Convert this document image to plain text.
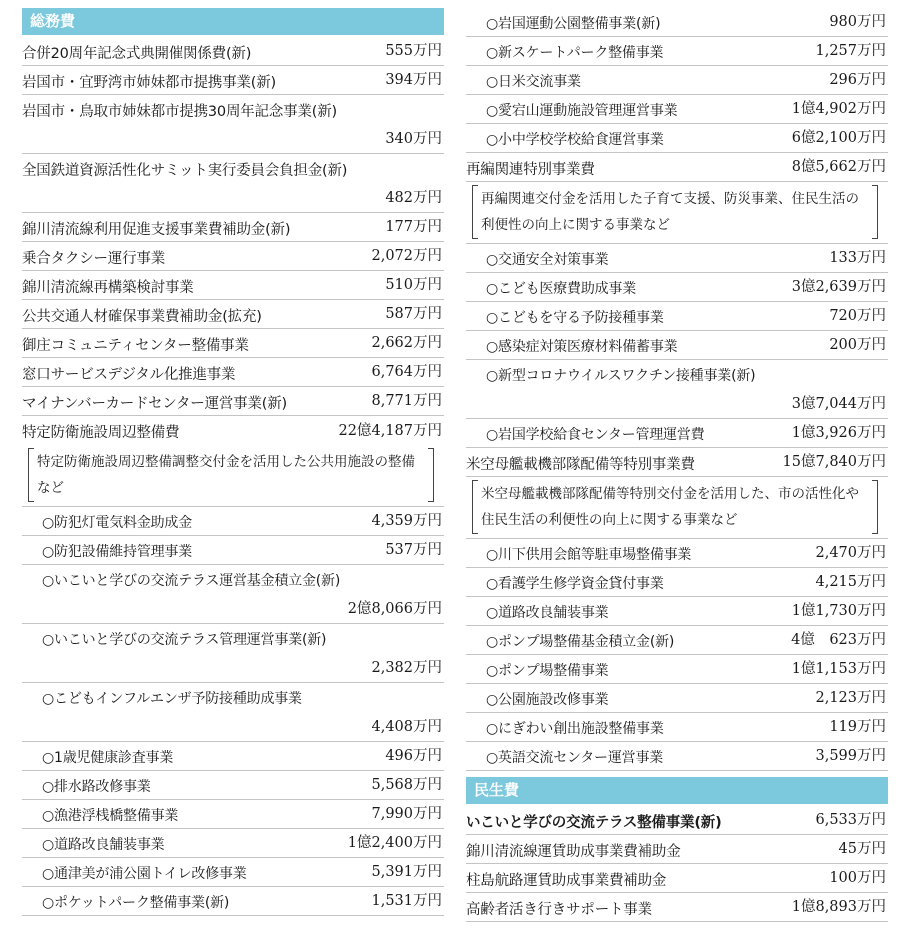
総務費
合併20周年記念式典開催関係費(新)	555万円
岩国市・宜野湾市姉妹都市提携事業(新)	394万円
岩国市・鳥取市姉妹都市提携30周年記念事業(新)
340万円
全国鉄道資源活性化サミット実行委員会負担金(新)
482万円
錦川清流線利用促進支援事業費補助金(新)	177万円
乗合タクシー運行事業	2,072万円
錦川清流線再構築検討事業	510万円
公共交通人材確保事業費補助金(拡充)	587万円
御庄コミュニティセンター整備事業	2,662万円
窓口サービスデジタル化推進事業	6,764万円
マイナンバーカードセンター運営事業(新)	8,771万円
特定防衛施設周辺整備費	22億4,187万円
特定防衛施設周辺整備調整交付金を活用した公共用施設の整備など
○防犯灯電気料金助成金	4,359万円
○防犯設備維持管理事業	537万円
○いこいと学びの交流テラス運営基金積立金(新)
2億8,066万円
○いこいと学びの交流テラス管理運営事業(新)
2,382万円
○こどもインフルエンザ予防接種助成事業
4,408万円
○1歳児健康診査事業	496万円
○排水路改修事業	5,568万円
○漁港浮桟橋整備事業	7,990万円
○道路改良舗装事業	1億2,400万円
○通津美が浦公園トイレ改修事業	5,391万円
○ポケットパーク整備事業(新)	1,531万円
○岩国運動公園整備事業(新)	980万円
○新スケートパーク整備事業	1,257万円
○日米交流事業	296万円
○愛宕山運動施設管理運営事業	1億4,902万円
○小中学校学校給食運営事業	6億2,100万円
再編関連特別事業費	8億5,662万円
再編関連交付金を活用した子育て支援、防災事業、住民生活の利便性の向上に関する事業など
○交通安全対策事業	133万円
○こども医療費助成事業	3億2,639万円
○こどもを守る予防接種事業	720万円
○感染症対策医療材料備蓄事業	200万円
○新型コロナウイルスワクチン接種事業(新)
3億7,044万円
○岩国学校給食センター管理運営費	1億3,926万円
米空母艦載機部隊配備等特別事業費	15億7,840万円
米空母艦載機部隊配備等特別交付金を活用した、市の活性化や住民生活の利便性の向上に関する事業など
○川下供用会館等駐車場整備事業	2,470万円
○看護学生修学資金貸付事業	4,215万円
○道路改良舗装事業	1億1,730万円
○ポンプ場整備基金積立金(新)	4億　623万円
○ポンプ場整備事業	1億1,153万円
○公園施設改修事業	2,123万円
○にぎわい創出施設整備事業	119万円
○英語交流センター運営事業	3,599万円
民生費
いこいと学びの交流テラス整備事業(新)	6,533万円
錦川清流線運賃助成事業費補助金	45万円
柱島航路運賃助成事業費補助金	100万円
高齢者活き行きサポート事業	1億8,893万円
